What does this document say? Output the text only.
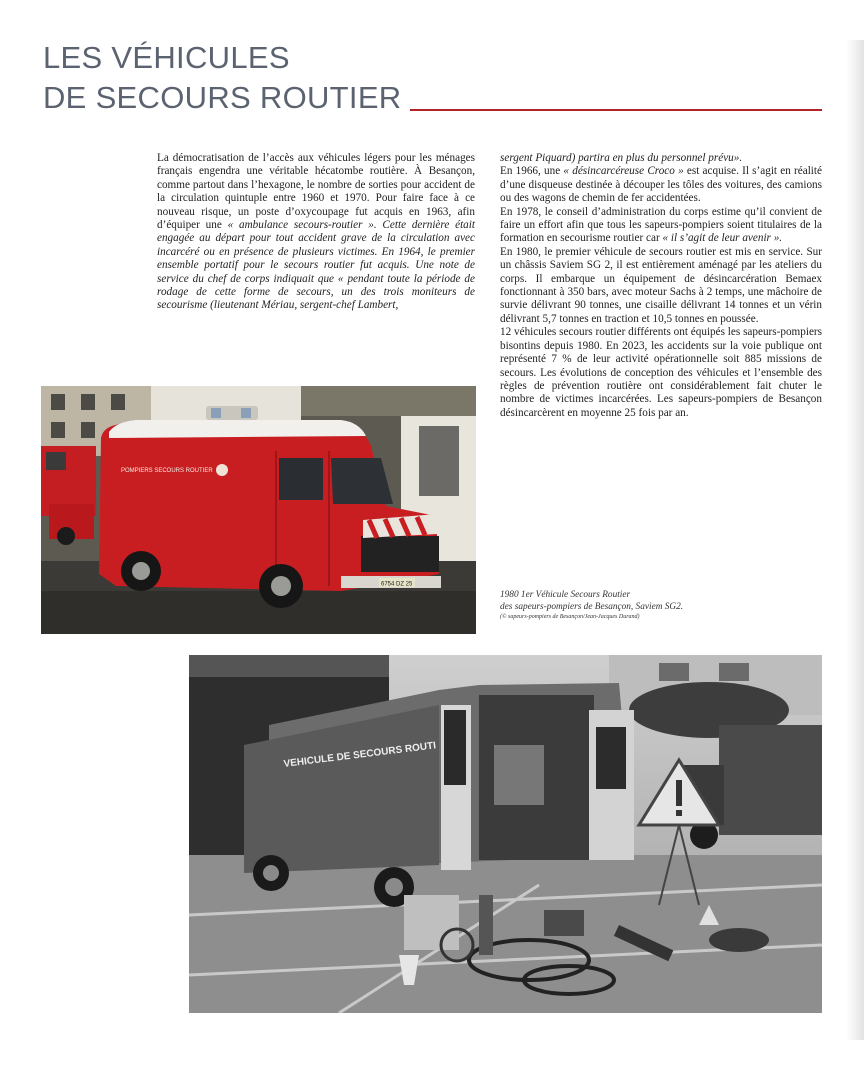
LES VÉHICULES
DE SECOURS ROUTIER

La démocratisation de l’accès aux véhicules légers pour les ménages français engendra une véritable hécatombe routière. À Besançon, comme partout dans l’hexagone, le nombre de sorties pour accident de la circulation quintuple entre 1960 et 1970. Pour faire face à ce nouveau risque, un poste d’oxycoupage fut acquis en 1963, afin d’équiper une « ambulance secours-routier ». Cette dernière était engagée au départ pour tout accident grave de la circulation avec incarcéré ou en présence de plusieurs victimes. En 1964, le premier ensemble portatif pour le secours routier fut acquis. Une note de service du chef de corps indiquait que « pendant toute la période de rodage de cette forme de secours, un des trois moniteurs de secourisme (lieutenant Mériau, sergent-chef Lambert,

POMPIERS SECOURS ROUTIER
6754 DZ 25

sergent Piquard) partira en plus du personnel prévu».

En 1966, une « désincarcéreuse Croco » est acquise. Il s’agit en réalité d’une disqueuse destinée à découper les tôles des voitures, des camions ou des wagons de chemin de fer accidentées.

En 1978, le conseil d’administration du corps estime qu’il convient de faire un effort afin que tous les sapeurs-pompiers soient titulaires de la formation en secourisme routier car « il s’agit de leur avenir ».

En 1980, le premier véhicule de secours routier est mis en service. Sur un châssis Saviem SG 2, il est entièrement aménagé par les ateliers du corps. Il embarque un équipement de désincarcération Bemaex fonctionnant à 350 bars, avec moteur Sachs à 2 temps, une mâchoire de survie délivrant 90 tonnes, une cisaille délivrant 14 tonnes et un vérin délivrant 5,7 tonnes en traction et 10,5 tonnes en poussée.

12 véhicules secours routier différents ont équipés les sapeurs-pompiers bisontins depuis 1980. En 2023, les accidents sur la voie publique ont représenté 7 % de leur activité opérationnelle soit 885 missions de secours. Les évolutions de conception des véhicules et l’ensemble des règles de prévention routière ont considérablement fait chuter le nombre de victimes incarcérées. Les sapeurs-pompiers de Besançon désincarcèrent en moyenne 25 fois par an.

1980 1er Véhicule Secours Routier
des sapeurs-pompiers de Besançon, Saviem SG2.
(© sapeurs-pompiers de Besançon/Jean-Jacques Durand)
VEHICULE DE SECOURS ROUTI
